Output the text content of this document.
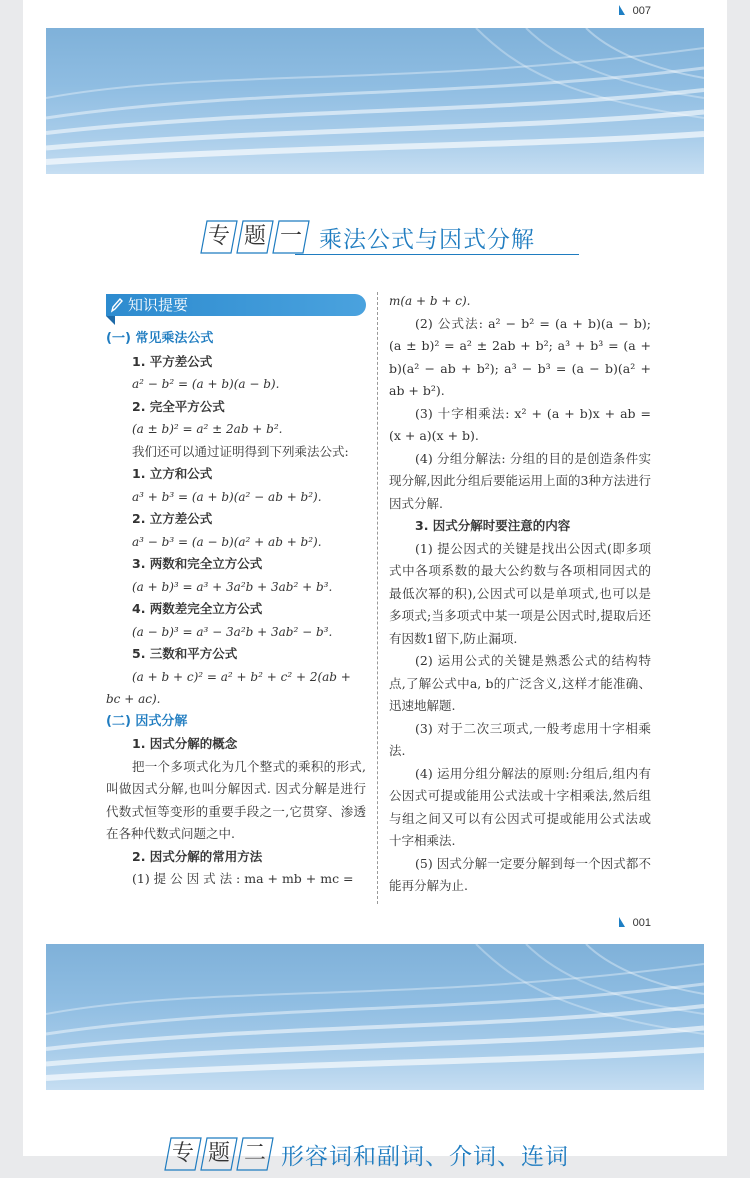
007
专 题 一 乘法公式与因式分解
知识提要
(一) 常见乘法公式
1. 平方差公式
a² − b² = (a + b)(a − b).
2. 完全平方公式
(a ± b)² = a² ± 2ab + b².
我们还可以通过证明得到下列乘法公式:
1. 立方和公式
a³ + b³ = (a + b)(a² − ab + b²).
2. 立方差公式
a³ − b³ = (a − b)(a² + ab + b²).
3. 两数和完全立方公式
(a + b)³ = a³ + 3a²b + 3ab² + b³.
4. 两数差完全立方公式
(a − b)³ = a³ − 3a²b + 3ab² − b³.
5. 三数和平方公式
(a + b + c)² = a² + b² + c² + 2(ab +
bc + ac).
(二) 因式分解
1. 因式分解的概念
把一个多项式化为几个整式的乘积的形式,叫做因式分解,也叫分解因式. 因式分解是进行代数式恒等变形的重要手段之一,它贯穿、渗透在各种代数式问题之中.
2. 因式分解的常用方法
(1) 提 公 因 式 法 : ma + mb + mc =
m(a + b + c).
(2) 公式法: a² − b² = (a + b)(a − b); (a ± b)² = a² ± 2ab + b²; a³ + b³ = (a + b)(a² − ab + b²); a³ − b³ = (a − b)(a² + ab + b²).
(3) 十字相乘法: x² + (a + b)x + ab = (x + a)(x + b).
(4) 分组分解法: 分组的目的是创造条件实现分解,因此分组后要能运用上面的3种方法进行因式分解.
3. 因式分解时要注意的内容
(1) 提公因式的关键是找出公因式(即多项式中各项系数的最大公约数与各项相同因式的最低次幂的积),公因式可以是单项式,也可以是多项式;当多项式中某一项是公因式时,提取后还有因数1留下,防止漏项.
(2) 运用公式的关键是熟悉公式的结构特点,了解公式中a, b的广泛含义,这样才能准确、迅速地解题.
(3) 对于二次三项式,一般考虑用十字相乘法.
(4) 运用分组分解法的原则:分组后,组内有公因式可提或能用公式法或十字相乘法,然后组与组之间又可以有公因式可提或能用公式法或十字相乘法.
(5) 因式分解一定要分解到每一个因式都不能再分解为止.
001
专 题 二 形容词和副词、介词、连词
